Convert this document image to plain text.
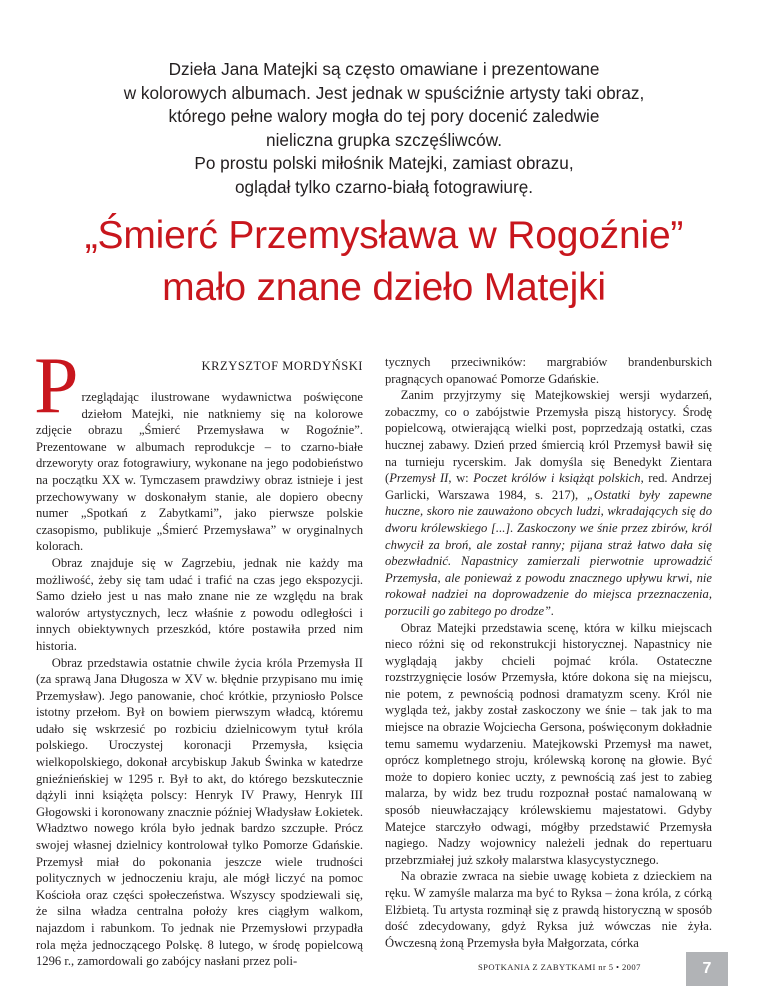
Dzieła Jana Matejki są często omawiane i prezentowane
w kolorowych albumach. Jest jednak w spuściźnie artysty taki obraz,
którego pełne walory mogła do tej pory docenić zaledwie
nieliczna grupka szczęśliwców.
Po prostu polski miłośnik Matejki, zamiast obrazu,
oglądał tylko czarno-białą fotograwiurę.
„Śmierć Przemysława w Rogoźnie”
mało znane dzieło Matejki
P	KRZYSZTOF MORDYŃSKI

rzeglądając ilustrowane wydawnictwa poświęcone dziełom Matejki, nie natkniemy się na kolorowe zdjęcie obrazu „Śmierć Przemysława w Rogoźnie”. Prezentowane w albumach reprodukcje – to czarno-białe drzeworyty oraz fotograwiury, wykonane na jego podobieństwo na początku XX w. Tymczasem prawdziwy obraz istnieje i jest przechowywany w doskonałym stanie, ale dopiero obecny numer „Spotkań z Zabytkami”, jako pierwsze polskie czasopismo, publikuje „Śmierć Przemysława” w oryginalnych kolorach.

Obraz znajduje się w Zagrzebiu, jednak nie każdy ma możliwość, żeby się tam udać i trafić na czas jego ekspozycji. Samo dzieło jest u nas mało znane nie ze względu na brak walorów artystycznych, lecz właśnie z powodu odległości i innych obiektywnych przeszkód, które postawiła przed nim historia.

Obraz przedstawia ostatnie chwile życia króla Przemysła II (za sprawą Jana Długosza w XV w. błędnie przypisano mu imię Przemysław). Jego panowanie, choć krótkie, przyniosło Polsce istotny przełom. Był on bowiem pierwszym władcą, któremu udało się wskrzesić po rozbiciu dzielnicowym tytuł króla polskiego. Uroczystej koronacji Przemysła, księcia wielkopolskiego, dokonał arcybiskup Jakub Świnka w katedrze gnieźnieńskiej w 1295 r. Był to akt, do którego bezskutecznie dążyli inni książęta polscy: Henryk IV Prawy, Henryk III Głogowski i koronowany znacznie później Władysław Łokietek. Władztwo nowego króla było jednak bardzo szczupłe. Prócz swojej własnej dzielnicy kontrolował tylko Pomorze Gdańskie. Przemysł miał do pokonania jeszcze wiele trudności politycznych w jednoczeniu kraju, ale mógł liczyć na pomoc Kościoła oraz części społeczeństwa. Wszyscy spodziewali się, że silna władza centralna położy kres ciągłym walkom, najazdom i rabunkom. To jednak nie Przemysłowi przypadła rola męża jednoczącego Polskę. 8 lutego, w środę popielcową 1296 r., zamordowali go zabójcy nasłani przez poli-

tycznych przeciwników: margrabiów brandenburskich pragnących opanować Pomorze Gdańskie.

Zanim przyjrzymy się Matejkowskiej wersji wydarzeń, zobaczmy, co o zabójstwie Przemysła piszą historycy. Środę popielcową, otwierającą wielki post, poprzedzają ostatki, czas hucznej zabawy. Dzień przed śmiercią król Przemysł bawił się na turnieju rycerskim. Jak domyśla się Benedykt Zientara (Przemysł II, w: Poczet królów i książąt polskich, red. Andrzej Garlicki, Warszawa 1984, s. 217), „Ostatki były zapewne huczne, skoro nie zauważono obcych ludzi, wkradających się do dworu królewskiego [...]. Zaskoczony we śnie przez zbirów, król chwycił za broń, ale został ranny; pijana straż łatwo dała się obezwładnić. Napastnicy zamierzali pierwotnie uprowadzić Przemysła, ale ponieważ z powodu znacznego upływu krwi, nie rokował nadziei na doprowadzenie do miejsca przeznaczenia, porzucili go zabitego po drodze”.

Obraz Matejki przedstawia scenę, która w kilku miejscach nieco różni się od rekonstrukcji historycznej. Napastnicy nie wyglądają jakby chcieli pojmać króla. Ostateczne rozstrzygnięcie losów Przemysła, które dokona się na miejscu, nie potem, z pewnością podnosi dramatyzm sceny. Król nie wygląda też, jakby został zaskoczony we śnie – tak jak to ma miejsce na obrazie Wojciecha Gersona, poświęconym dokładnie temu samemu wydarzeniu. Matejkowski Przemysł ma nawet, oprócz kompletnego stroju, królewską koronę na głowie. Być może to dopiero koniec uczty, z pewnością zaś jest to zabieg malarza, by widz bez trudu rozpoznał postać namalowaną w sposób nieuwłaczający królewskiemu majestatowi. Gdyby Matejce starczyło odwagi, mógłby przedstawić Przemysła nagiego. Nadzy wojownicy należeli jednak do repertuaru przebrzmiałej już szkoły malarstwa klasycystycznego.

Na obrazie zwraca na siebie uwagę kobieta z dzieckiem na ręku. W zamyśle malarza ma być to Ryksa – żona króla, z córką Elżbietą. Tu artysta rozminął się z prawdą historyczną w sposób dość zdecydowany, gdyż Ryksa już wówczas nie żyła. Ówczesną żoną Przemysła była Małgorzata, córka

SPOTKANIA Z ZABYTKAMI nr 5 • 2007	7
